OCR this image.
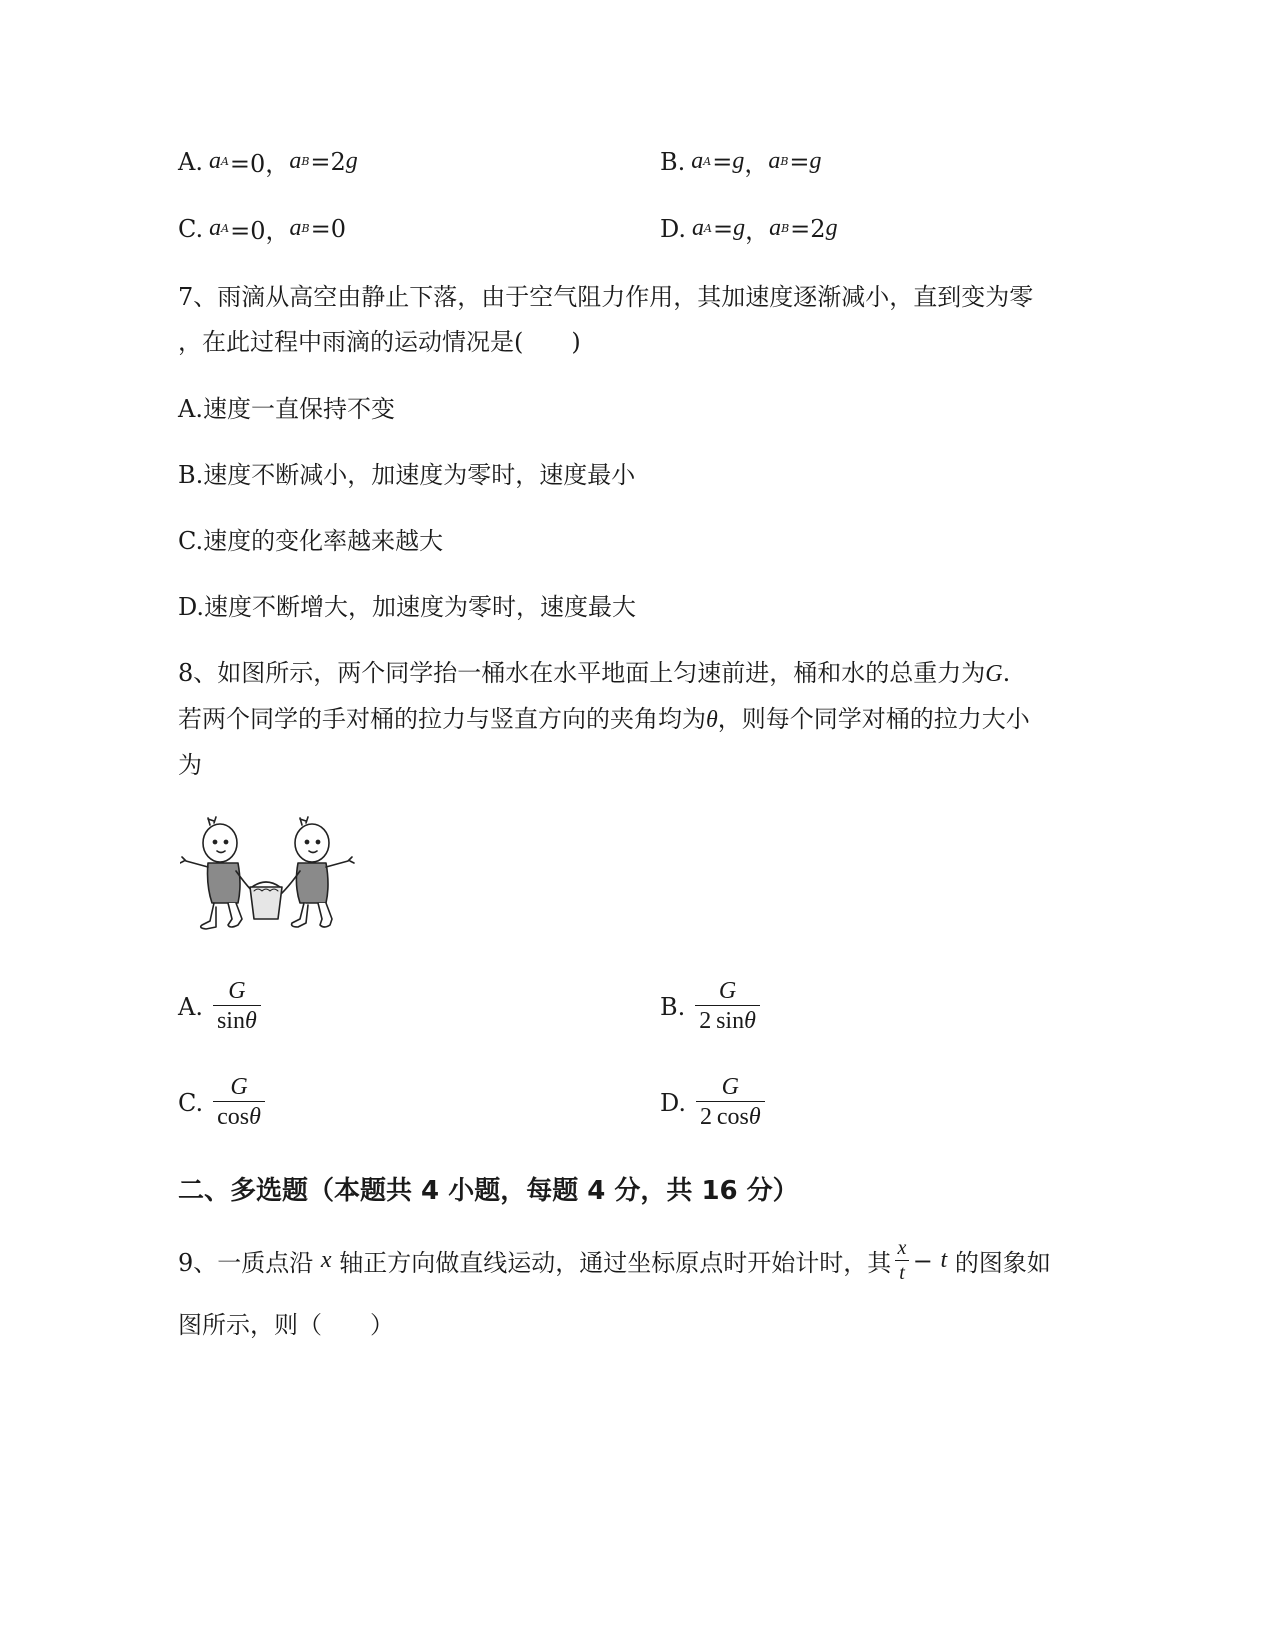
A. a A =0， a B =2 g	B. a A = g ， a B = g
C. a A =0， a B =0	D. a A = g ， a B =2 g
7、雨滴从高空由静止下落，由于空气阻力作用，其加速度逐渐减小，直到变为零
，在此过程中雨滴的运动情况是(　　)
A.速度一直保持不变
B.速度不断减小，加速度为零时，速度最小
C.速度的变化率越来越大
D.速度不断增大，加速度为零时，速度最大
8、如图所示，两个同学抬一桶水在水平地面上匀速前进，桶和水的总重力为G.
若两个同学的手对桶的拉力与竖直方向的夹角均为θ，则每个同学对桶的拉力大小
为
A. $\frac{G}{\sin\theta}$	B. $\frac{G}{2 \sin\theta}$
C. $\frac{G}{\cos\theta}$	D. $\frac{G}{2 \cos\theta}$
二、多选题（本题共 4 小题，每题 4 分，共 16 分）
9、一质点沿
x
轴正方向做直线运动，通过坐标原点时开始计时，其 $\frac{x}{t}$ −
t
的图象如
图所示，则（　　）
